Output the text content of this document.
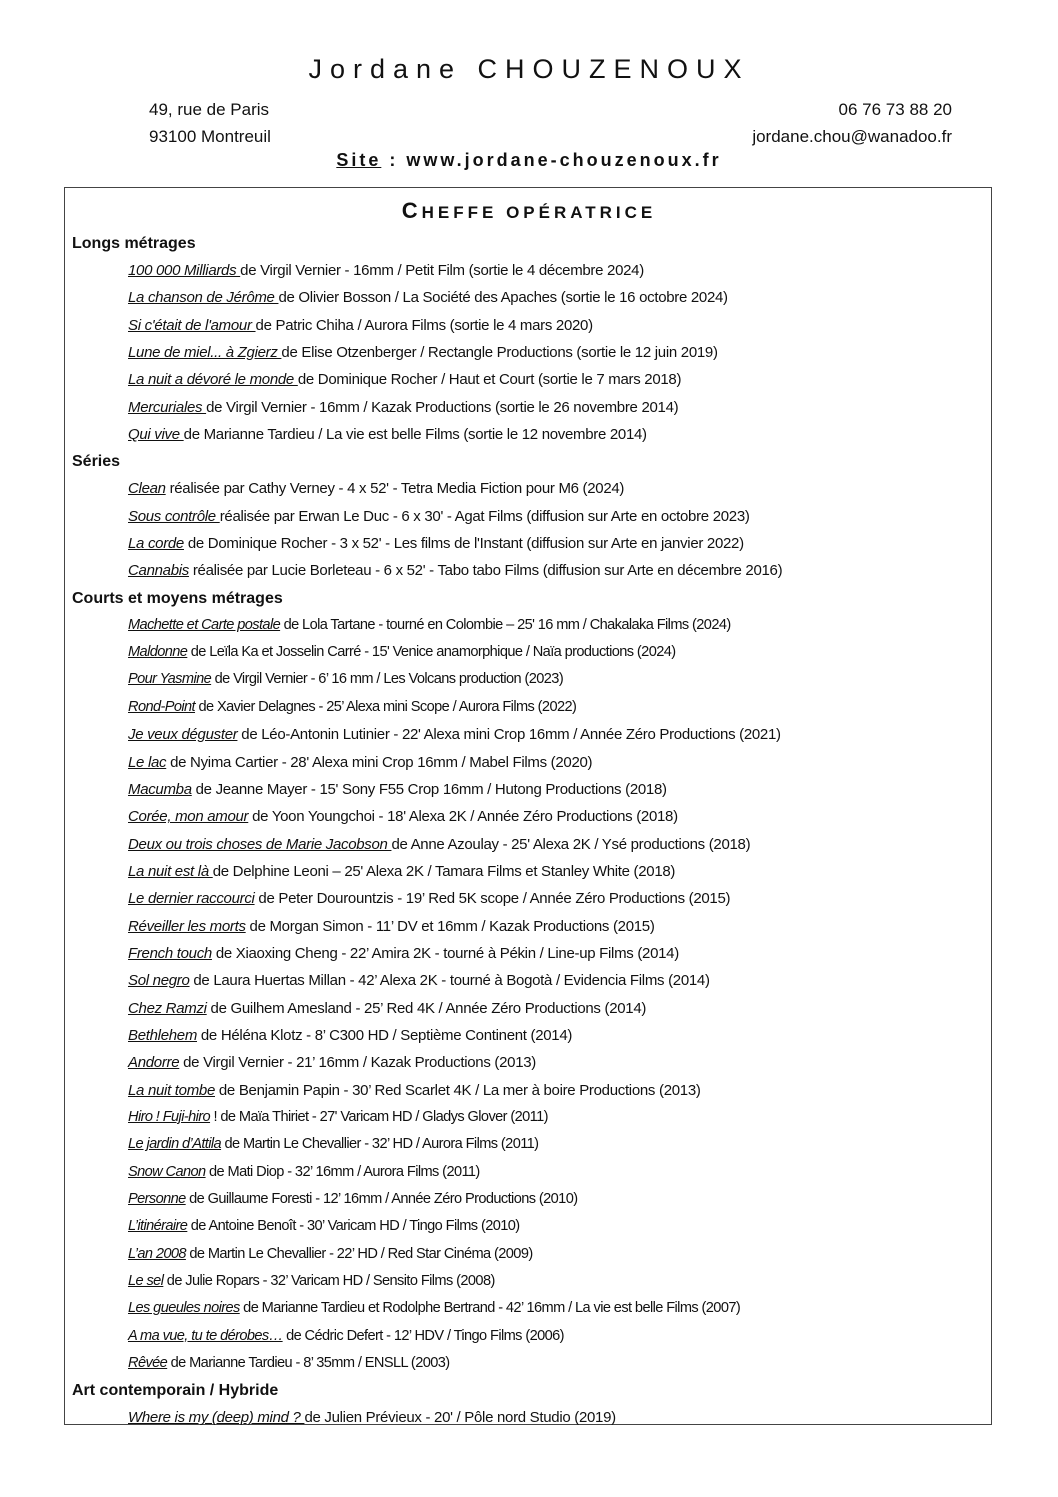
Jordane CHOUZENOUX
49, rue de Paris
93100 Montreuil
06 76 73 88 20
jordane.chou@wanadoo.fr
Site : www.jordane-chouzenoux.fr
CHEFFE OPÉRATRICE
Longs métrages
100 000 Milliards de Virgil Vernier - 16mm / Petit Film (sortie le 4 décembre 2024)
La chanson de Jérôme de Olivier Bosson / La Société des Apaches (sortie le 16 octobre 2024)
Si c'était de l'amour de Patric Chiha / Aurora Films (sortie le 4 mars 2020)
Lune de miel... à Zgierz de Elise Otzenberger / Rectangle Productions (sortie le 12 juin 2019)
La nuit a dévoré le monde de Dominique Rocher / Haut et Court (sortie le 7 mars 2018)
Mercuriales de Virgil Vernier - 16mm / Kazak Productions (sortie le 26 novembre 2014)
Qui vive de Marianne Tardieu / La vie est belle Films (sortie le 12 novembre 2014)
Séries
Clean réalisée par Cathy Verney - 4 x 52' - Tetra Media Fiction pour M6 (2024)
Sous contrôle réalisée par Erwan Le Duc - 6 x 30' - Agat Films (diffusion sur Arte en octobre 2023)
La corde de Dominique Rocher - 3 x 52' - Les films de l'Instant (diffusion sur Arte en janvier 2022)
Cannabis réalisée par Lucie Borleteau - 6 x 52' - Tabo tabo Films (diffusion sur Arte en décembre 2016)
Courts et moyens métrages
Machette et Carte postale de Lola Tartane - tourné en Colombie – 25' 16 mm / Chakalaka Films (2024)
Maldonne de Leïla Ka et Josselin Carré - 15' Venice anamorphique / Naïa productions (2024)
Pour Yasmine de Virgil Vernier - 6’ 16 mm / Les Volcans production (2023)
Rond-Point de Xavier Delagnes - 25’ Alexa mini Scope / Aurora Films (2022)
Je veux déguster de Léo-Antonin Lutinier - 22' Alexa mini Crop 16mm / Année Zéro Productions (2021)
Le lac de Nyima Cartier - 28' Alexa mini Crop 16mm / Mabel Films (2020)
Macumba de Jeanne Mayer - 15' Sony F55 Crop 16mm / Hutong Productions (2018)
Corée, mon amour de Yoon Youngchoi - 18' Alexa 2K / Année Zéro Productions (2018)
Deux ou trois choses de Marie Jacobson de Anne Azoulay - 25' Alexa 2K / Ysé productions (2018)
La nuit est là de Delphine Leoni – 25' Alexa 2K / Tamara Films et Stanley White (2018)
Le dernier raccourci de Peter Dourountzis - 19’ Red 5K scope / Année Zéro Productions (2015)
Réveiller les morts de Morgan Simon - 11’ DV et 16mm / Kazak Productions (2015)
French touch de Xiaoxing Cheng - 22’ Amira 2K - tourné à Pékin / Line-up Films (2014)
Sol negro de Laura Huertas Millan - 42’ Alexa 2K - tourné à Bogotà / Evidencia Films (2014)
Chez Ramzi de Guilhem Amesland - 25’ Red 4K / Année Zéro Productions (2014)
Bethlehem de Héléna Klotz - 8’ C300 HD / Septième Continent (2014)
Andorre de Virgil Vernier - 21’ 16mm / Kazak Productions (2013)
La nuit tombe de Benjamin Papin - 30’ Red Scarlet 4K / La mer à boire Productions (2013)
Hiro ! Fuji-hiro ! de Maïa Thiriet - 27' Varicam HD / Gladys Glover (2011)
Le jardin d’Attila de Martin Le Chevallier - 32’ HD / Aurora Films (2011)
Snow Canon de Mati Diop - 32’ 16mm / Aurora Films (2011)
Personne de Guillaume Foresti - 12’ 16mm / Année Zéro Productions (2010)
L’itinéraire de Antoine Benoît - 30’ Varicam HD / Tingo Films (2010)
L’an 2008 de Martin Le Chevallier - 22’ HD / Red Star Cinéma (2009)
Le sel de Julie Ropars - 32’ Varicam HD / Sensito Films (2008)
Les gueules noires de Marianne Tardieu et Rodolphe Bertrand - 42’ 16mm / La vie est belle Films (2007)
A ma vue, tu te dérobes… de Cédric Defert - 12’ HDV / Tingo Films (2006)
Rêvée de Marianne Tardieu - 8’ 35mm / ENSLL (2003)
Art contemporain / Hybride
Where is my (deep) mind ? de Julien Prévieux - 20' / Pôle nord Studio (2019)
